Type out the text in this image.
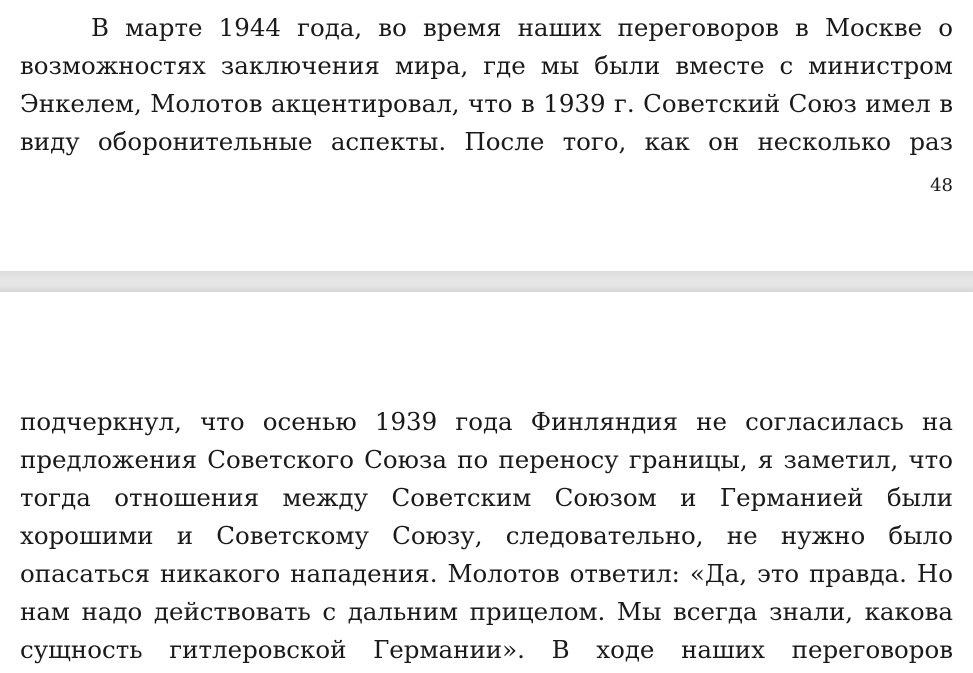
В марте 1944 года, во время наших переговоров в Москве о
возможностях заключения мира, где мы были вместе с министром
Энкелем, Молотов акцентировал, что в 1939 г. Советский Союз имел в
виду оборонительные аспекты. После того, как он несколько раз
48
подчеркнул, что осенью 1939 года Финляндия не согласилась на
предложения Советского Союза по переносу границы, я заметил, что
тогда отношения между Советским Союзом и Германией были
хорошими и Советскому Союзу, следовательно, не нужно было
опасаться никакого нападения. Молотов ответил: «Да, это правда. Но
нам надо действовать с дальним прицелом. Мы всегда знали, какова
сущность гитлеровской Германии». В ходе наших переговоров
